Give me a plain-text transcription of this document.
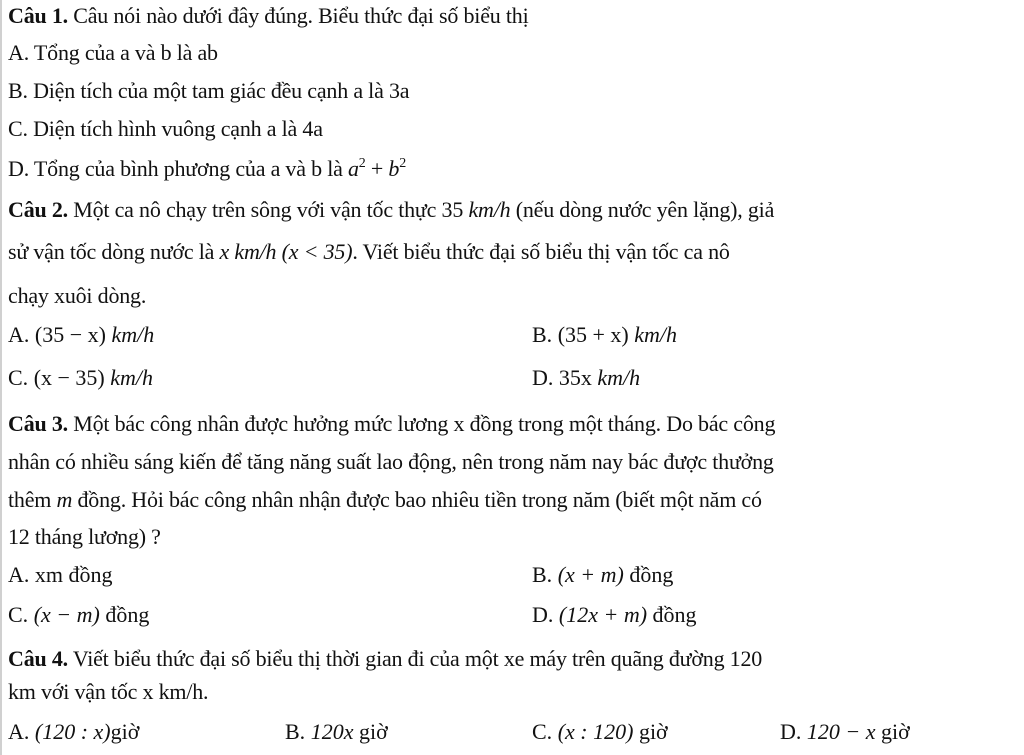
Câu 1. Câu nói nào dưới đây đúng. Biểu thức đại số biểu thị
A. Tổng của a và b là ab
B. Diện tích của một tam giác đều cạnh a là 3a
C. Diện tích hình vuông cạnh a là 4a
D. Tổng của bình phương của a và b là $a^2 + b^2$
Câu 2. Một ca nô chạy trên sông với vận tốc thực 35 km/h (nếu dòng nước yên lặng), giả
sử vận tốc dòng nước là x km/h (x < 35). Viết biểu thức đại số biểu thị vận tốc ca nô
chạy xuôi dòng.
A. (35 − x) km/h	B. (35 + x) km/h
C. (x − 35) km/h	D. 35x km/h
Câu 3. Một bác công nhân được hưởng mức lương x đồng trong một tháng. Do bác công
nhân có nhiều sáng kiến để tăng năng suất lao động, nên trong năm nay bác được thưởng
thêm m đồng. Hỏi bác công nhân nhận được bao nhiêu tiền trong năm (biết một năm có
12 tháng lương) ?
A. xm đồng	B. (x + m) đồng
C. (x − m) đồng	D. (12x + m) đồng
Câu 4. Viết biểu thức đại số biểu thị thời gian đi của một xe máy trên quãng đường 120
km với vận tốc x km/h.
A. (120 : x)giờ	B. 120x giờ	C. (x : 120) giờ	D. 120 − x giờ
